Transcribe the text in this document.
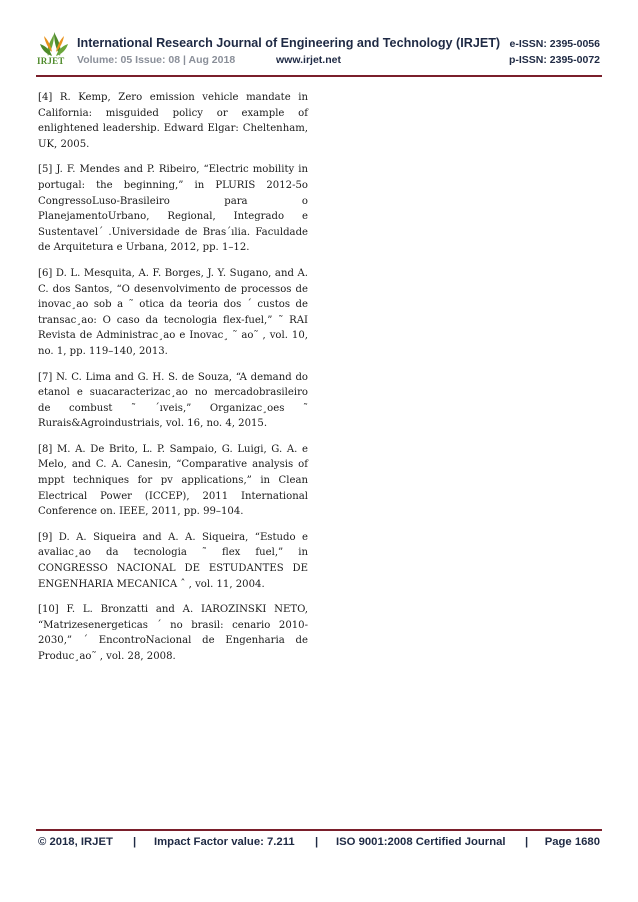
IRJET
International Research Journal of Engineering and Technology (IRJET)
Volume: 05 Issue: 08 | Aug 2018	www.irjet.net
e-ISSN: 2395-0056
p-ISSN: 2395-0072

[4] R. Kemp, Zero emission vehicle mandate in California: misguided policy or example of enlightened leadership. Edward Elgar: Cheltenham, UK, 2005.

[5] J. F. Mendes and P. Ribeiro, “Electric mobility in portugal: the beginning,” in PLURIS 2012-5o CongressoLuso-Brasileiro para o PlanejamentoUrbano, Regional, Integrado e Sustentavel´ .Universidade de Bras´ılia. Faculdade de Arquitetura e Urbana, 2012, pp. 1–12.

[6] D. L. Mesquita, A. F. Borges, J. Y. Sugano, and A. C. dos Santos, “O desenvolvimento de processos de inovac¸ao sob a ˜ otica da teoria dos ´ custos de transac¸ao: O caso da tecnologia flex-fuel,” ˜ RAI Revista de Administrac¸ao e Inovac¸ ˜ ao˜ , vol. 10, no. 1, pp. 119–140, 2013.

[7] N. C. Lima and G. H. S. de Souza, “A demand do etanol e suacaracterizac¸ao no mercadobrasileiro de combust ˜ ´ıveis,” Organizac¸oes ˜ Rurais&Agroindustriais, vol. 16, no. 4, 2015.

[8] M. A. De Brito, L. P. Sampaio, G. Luigi, G. A. e Melo, and C. A. Canesin, “Comparative analysis of mppt techniques for pv applications,” in Clean Electrical Power (ICCEP), 2011 International Conference on. IEEE, 2011, pp. 99–104.

[9] D. A. Siqueira and A. A. Siqueira, “Estudo e avaliac¸ao da tecnologia ˜ flex fuel,” in CONGRESSO NACIONAL DE ESTUDANTES DE ENGENHARIA MECANICA ˆ , vol. 11, 2004.

[10] F. L. Bronzatti and A. IAROZINSKI NETO, “Matrizesenergeticas ´ no brasil: cenario 2010-2030,” ´ EncontroNacional de Engenharia de Produc¸ao˜ , vol. 28, 2008.

© 2018, IRJET | Impact Factor value: 7.211 | ISO 9001:2008 Certified Journal | Page 1680
